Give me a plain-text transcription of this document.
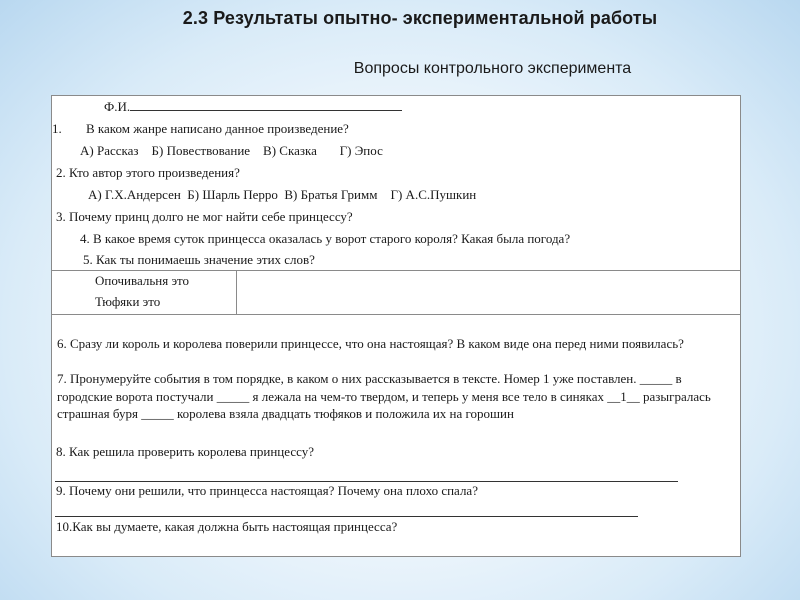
2.3 Результаты опытно- экспериментальной работы
Вопросы контрольного эксперимента
Ф.И.
1. В каком жанре написано данное произведение?
А) Рассказ    Б) Повествование    В) Сказка       Г) Эпос
2. Кто автор этого произведения?
А) Г.Х.Андерсен  Б) Шарль Перро  В) Братья Гримм    Г) А.С.Пушкин
3. Почему принц долго не мог найти себе принцессу?
4. В какое время суток принцесса оказалась у ворот старого короля? Какая была погода?
5. Как ты понимаешь значение этих слов?
Опочивальня это
Тюфяки это
6. Сразу ли король и королева поверили принцессе, что она настоящая? В каком виде она перед ними появилась?
7. Пронумеруйте события в том порядке, в каком о них рассказывается в тексте. Номер 1 уже поставлен. _____ в городские ворота постучали _____ я лежала на чем-то твердом, и теперь у меня все тело в синяках __1__ разыгралась страшная буря _____ королева взяла двадцать тюфяков и положила их на горошин
8. Как решила проверить королева принцессу?
9. Почему они решили, что принцесса настоящая? Почему она плохо спала?
10.Как вы думаете, какая должна быть настоящая принцесса?
